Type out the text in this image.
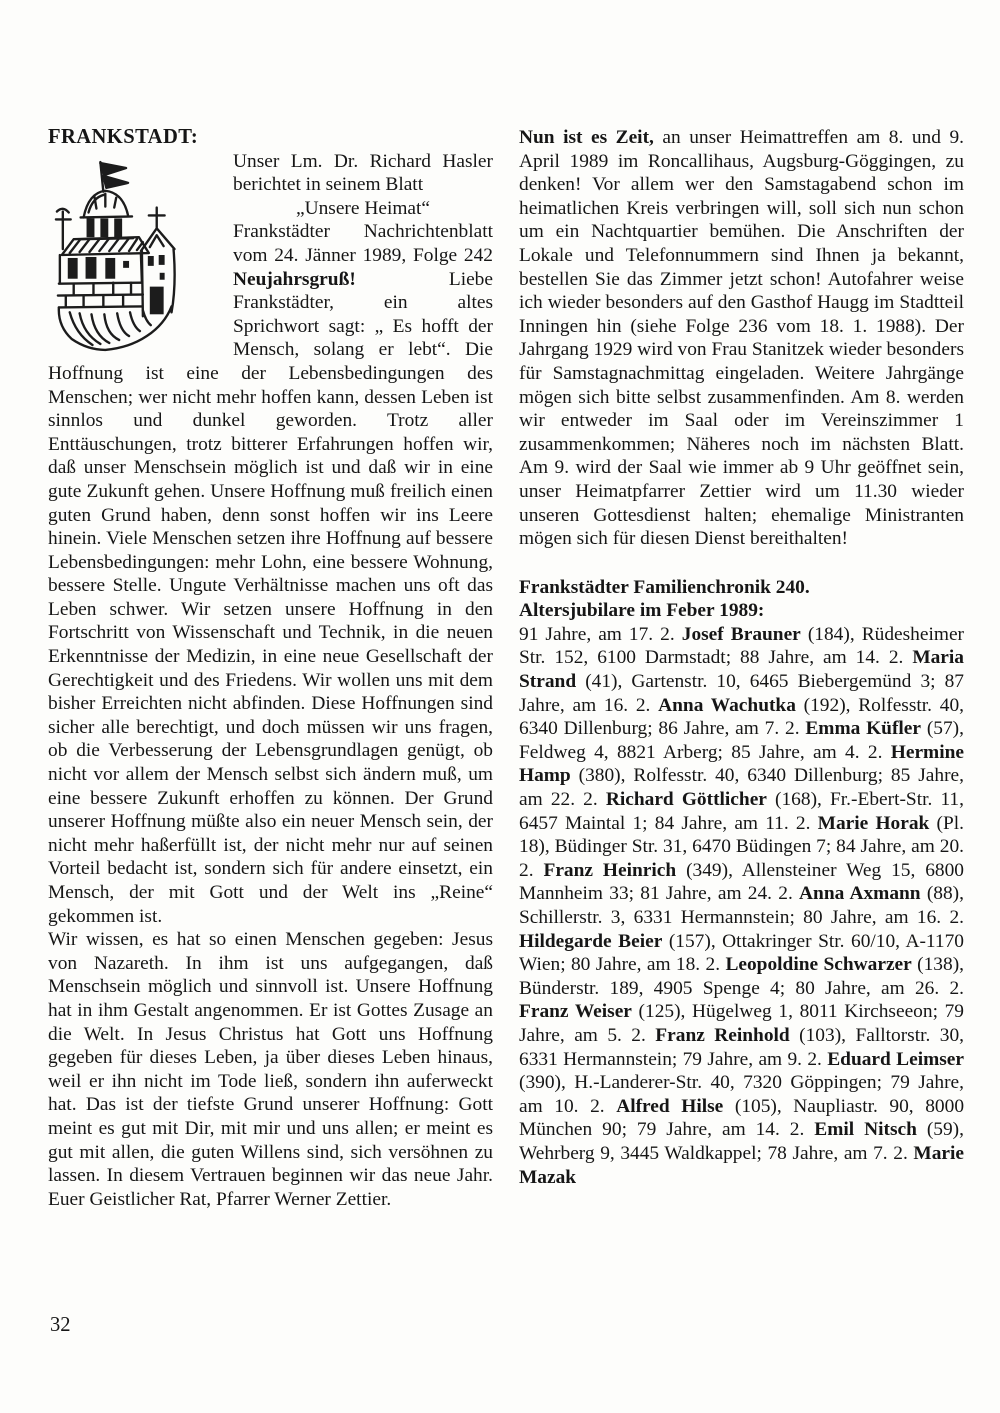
FRANKSTADT:
Unser Lm. Dr. Richard Hasler
berichtet in seinem Blatt
„Unsere Heimat“
Frankstädter Nachrichtenblatt
vom 24. Jänner 1989, Folge 242

Neujahrsgruß! Liebe Frankstädter, ein altes Sprichwort sagt: „ Es hofft der Mensch, solang er lebt“. Die Hoffnung ist eine der Lebensbedingungen des Menschen; wer nicht mehr hoffen kann, dessen Leben ist sinnlos und dunkel geworden. Trotz aller Enttäuschungen, trotz bitterer Erfahrungen hoffen wir, daß unser Menschsein möglich ist und daß wir in eine gute Zukunft gehen. Unsere Hoffnung muß freilich einen guten Grund haben, denn sonst hoffen wir ins Leere hinein. Viele Menschen setzen ihre Hoffnung auf bessere Lebensbedingungen: mehr Lohn, eine bessere Wohnung, bessere Stelle. Ungute Verhältnisse machen uns oft das Leben schwer. Wir setzen unsere Hoffnung in den Fortschritt von Wissenschaft und Technik, in die neuen Erkenntnisse der Medizin, in eine neue Gesellschaft der Gerechtigkeit und des Friedens. Wir wollen uns mit dem bisher Erreichten nicht abfinden. Diese Hoffnungen sind sicher alle berechtigt, und doch müssen wir uns fragen, ob die Verbesserung der Lebensgrundlagen genügt, ob nicht vor allem der Mensch selbst sich ändern muß, um eine bessere Zukunft erhoffen zu können. Der Grund unserer Hoffnung müßte also ein neuer Mensch sein, der nicht mehr haßerfüllt ist, der nicht mehr nur auf seinen Vorteil bedacht ist, sondern sich für andere einsetzt, ein Mensch, der mit Gott und der Welt ins „Reine“ gekommen ist.

Wir wissen, es hat so einen Menschen gegeben: Jesus von Nazareth. In ihm ist uns aufgegangen, daß Menschsein möglich und sinnvoll ist. Unsere Hoffnung hat in ihm Gestalt angenommen. Er ist Gottes Zusage an die Welt. In Jesus Christus hat Gott uns Hoffnung gegeben für dieses Leben, ja über dieses Leben hinaus, weil er ihn nicht im Tode ließ, sondern ihn auferweckt hat. Das ist der tiefste Grund unserer Hoffnung: Gott meint es gut mit Dir, mit mir und uns allen; er meint es gut mit allen, die guten Willens sind, sich versöhnen zu lassen. In diesem Vertrauen beginnen wir das neue Jahr. Euer Geistlicher Rat, Pfarrer Werner Zettier.

Nun ist es Zeit, an unser Heimattreffen am 8. und 9. April 1989 im Roncallihaus, Augsburg-Göggingen, zu denken! Vor allem wer den Samstagabend schon im heimatlichen Kreis verbringen will, soll sich nun schon um ein Nachtquartier bemühen. Die Anschriften der Lokale und Telefonnummern sind Ihnen ja bekannt, bestellen Sie das Zimmer jetzt schon! Autofahrer weise ich wieder besonders auf den Gasthof Haugg im Stadtteil Inningen hin (siehe Folge 236 vom 18. 1. 1988). Der Jahrgang 1929 wird von Frau Stanitzek wieder besonders für Samstagnachmittag eingeladen. Weitere Jahrgänge mögen sich bitte selbst zusammenfinden. Am 8. werden wir entweder im Saal oder im Vereinszimmer 1 zusammenkommen; Näheres noch im nächsten Blatt. Am 9. wird der Saal wie immer ab 9 Uhr geöffnet sein, unser Heimatpfarrer Zettier wird um 11.30 wieder unseren Gottesdienst halten; ehemalige Ministranten mögen sich für diesen Dienst bereithalten!

Frankstädter Familienchronik 240.
Altersjubilare im Feber 1989:

91 Jahre, am 17. 2. Josef Brauner (184), Rüdesheimer Str. 152, 6100 Darmstadt; 88 Jahre, am 14. 2. Maria Strand (41), Gartenstr. 10, 6465 Biebergemünd 3; 87 Jahre, am 16. 2. Anna Wachutka (192), Rolfesstr. 40, 6340 Dillenburg; 86 Jahre, am 7. 2. Emma Küfler (57), Feldweg 4, 8821 Arberg; 85 Jahre, am 4. 2. Hermine Hamp (380), Rolfesstr. 40, 6340 Dillenburg; 85 Jahre, am 22. 2. Richard Göttlicher (168), Fr.-Ebert-Str. 11, 6457 Maintal 1; 84 Jahre, am 11. 2. Marie Horak (Pl. 18), Büdinger Str. 31, 6470 Büdingen 7; 84 Jahre, am 20. 2. Franz Heinrich (349), Allensteiner Weg 15, 6800 Mannheim 33; 81 Jahre, am 24. 2. Anna Axmann (88), Schillerstr. 3, 6331 Hermannstein; 80 Jahre, am 16. 2. Hildegarde Beier (157), Ottakringer Str. 60/10, A-1170 Wien; 80 Jahre, am 18. 2. Leopoldine Schwarzer (138), Bünderstr. 189, 4905 Spenge 4; 80 Jahre, am 26. 2. Franz Weiser (125), Hügelweg 1, 8011 Kirchseeon; 79 Jahre, am 5. 2. Franz Reinhold (103), Falltorstr. 30, 6331 Hermannstein; 79 Jahre, am 9. 2. Eduard Leimser (390), H.-Landerer-Str. 40, 7320 Göppingen; 79 Jahre, am 10. 2. Alfred Hilse (105), Naupliastr. 90, 8000 München 90; 79 Jahre, am 14. 2. Emil Nitsch (59), Wehrberg 9, 3445 Waldkappel; 78 Jahre, am 7. 2. Marie Mazak

32
